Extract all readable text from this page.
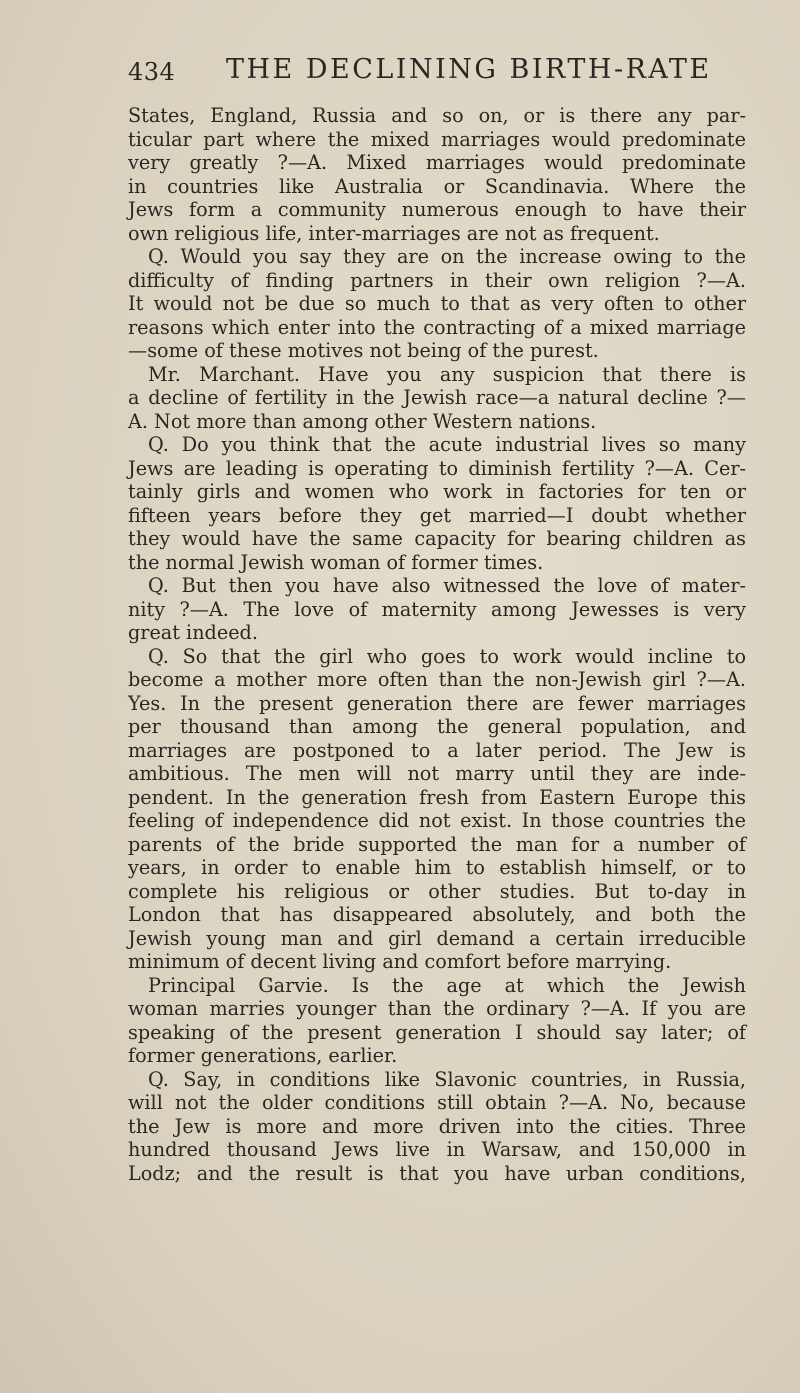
434 THE DECLINING BIRTH-RATE
States, England, Russia and so on, or is there any par-
ticular part where the mixed marriages would predominate
very greatly ?—A. Mixed marriages would predominate
in countries like Australia or Scandinavia. Where the
Jews form a community numerous enough to have their
own religious life, inter-marriages are not as frequent.
Q. Would you say they are on the increase owing to the
difficulty of finding partners in their own religion ?—A.
It would not be due so much to that as very often to other
reasons which enter into the contracting of a mixed marriage
—some of these motives not being of the purest.
Mr. Marchant. Have you any suspicion that there is
a decline of fertility in the Jewish race—a natural decline ?—
A. Not more than among other Western nations.
Q. Do you think that the acute industrial lives so many
Jews are leading is operating to diminish fertility ?—A. Cer-
tainly girls and women who work in factories for ten or
fifteen years before they get married—I doubt whether
they would have the same capacity for bearing children as
the normal Jewish woman of former times.
Q. But then you have also witnessed the love of mater-
nity ?—A. The love of maternity among Jewesses is very
great indeed.
Q. So that the girl who goes to work would incline to
become a mother more often than the non-Jewish girl ?—A.
Yes. In the present generation there are fewer marriages
per thousand than among the general population, and
marriages are postponed to a later period. The Jew is
ambitious. The men will not marry until they are inde-
pendent. In the generation fresh from Eastern Europe this
feeling of independence did not exist. In those countries the
parents of the bride supported the man for a number of
years, in order to enable him to establish himself, or to
complete his religious or other studies. But to-day in
London that has disappeared absolutely, and both the
Jewish young man and girl demand a certain irreducible
minimum of decent living and comfort before marrying.
Principal Garvie. Is the age at which the Jewish
woman marries younger than the ordinary ?—A. If you are
speaking of the present generation I should say later; of
former generations, earlier.
Q. Say, in conditions like Slavonic countries, in Russia,
will not the older conditions still obtain ?—A. No, because
the Jew is more and more driven into the cities. Three
hundred thousand Jews live in Warsaw, and 150,000 in
Lodz; and the result is that you have urban conditions,
